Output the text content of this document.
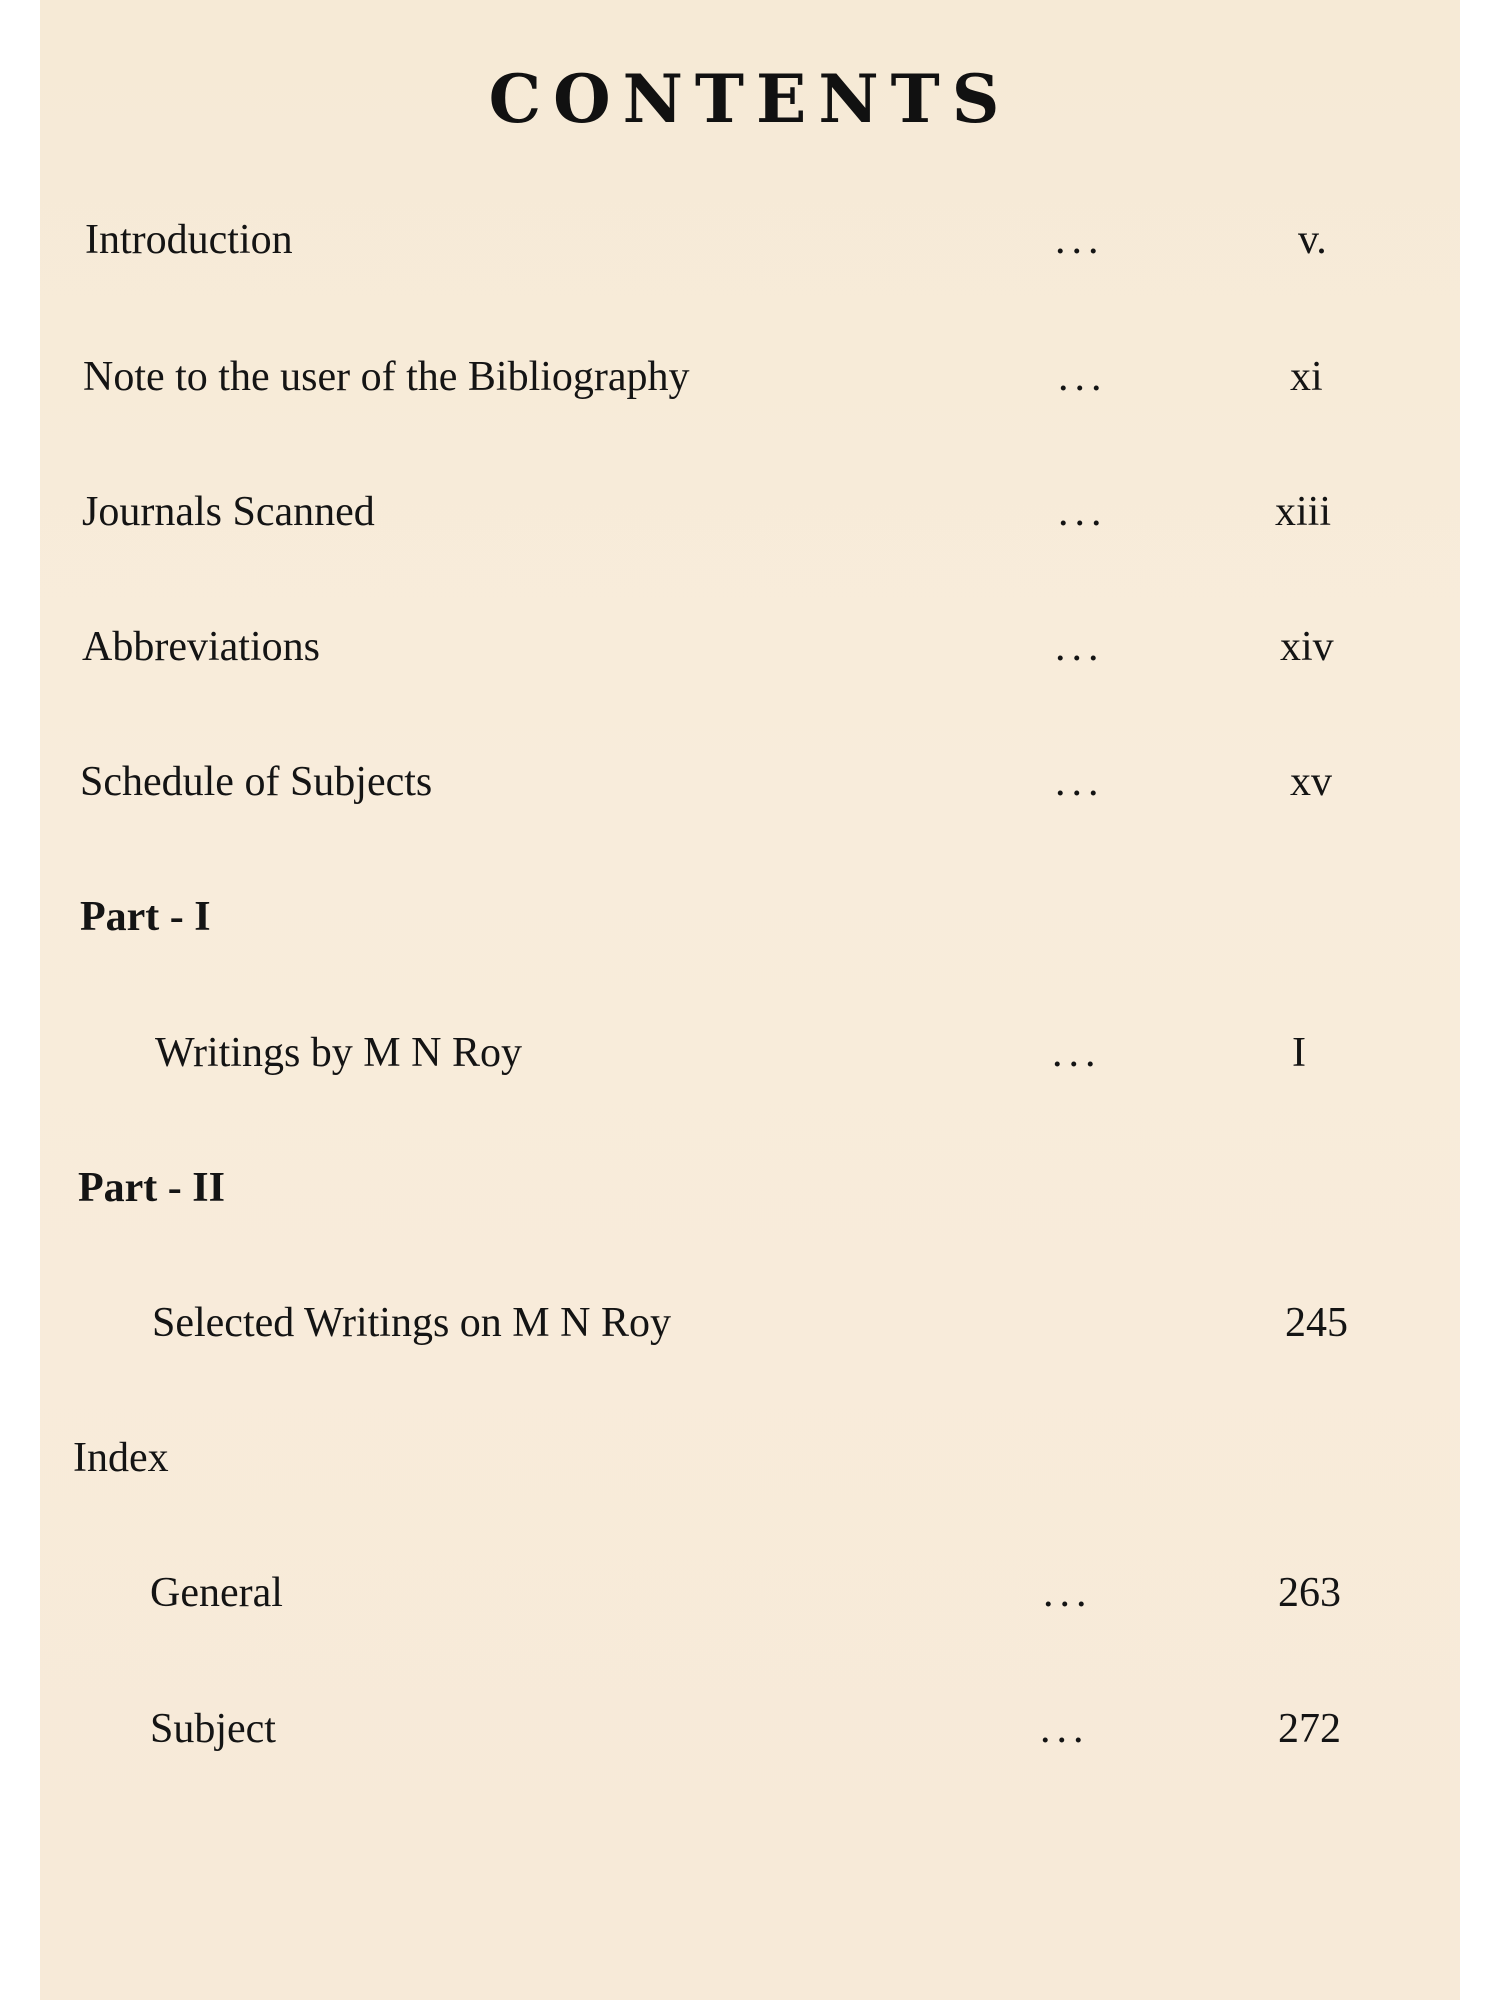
CONTENTS
Introduction	...	v.
Note to the user of the Bibliography	...	xi
Journals Scanned	...	xiii
Abbreviations	...	xiv
Schedule of Subjects	...	xv
Part - I
Writings by M N Roy	...	I
Part - II
Selected Writings on M N Roy	245
Index
General	...	263
Subject	...	272
